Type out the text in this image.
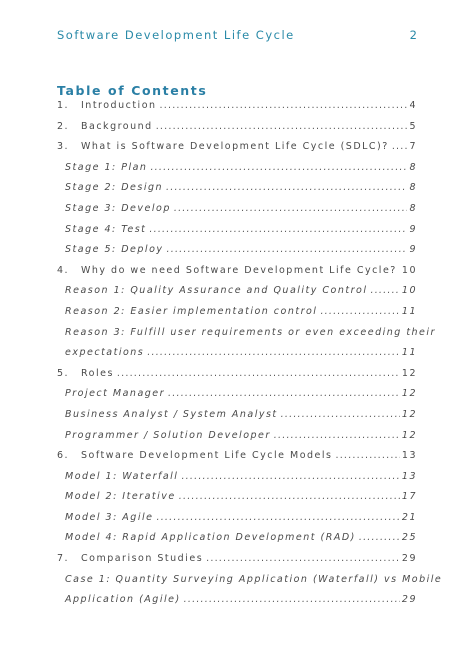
Software Development Life Cycle	2
Table of Contents
1.	Introduction .....	4
2.	Background .....	5
3.	What is Software Development Life Cycle (SDLC)? ..... 7
Stage 1: Plan .....	8
Stage 2: Design .....	8
Stage 3: Develop .....	8
Stage 4: Test .....	9
Stage 5: Deploy .....	9
4.	Why do we need Software Development Life Cycle? ..... 10
Reason 1: Quality Assurance and Quality Control .....	10
Reason 2: Easier implementation control .....	11
Reason 3: Fulfill user requirements or even exceeding their
expectations .....	11
5.	Roles .....	12
Project Manager .....	12
Business Analyst / System Analyst .....	12
Programmer / Solution Developer .....	12
6.	Software Development Life Cycle Models .....	13
Model 1: Waterfall .....	13
Model 2: Iterative .....	17
Model 3: Agile .....	21
Model 4: Rapid Application Development (RAD) .....	25
7.	Comparison Studies .....	29
Case 1: Quantity Surveying Application (Waterfall) vs Mobile
Application (Agile) .....	29
